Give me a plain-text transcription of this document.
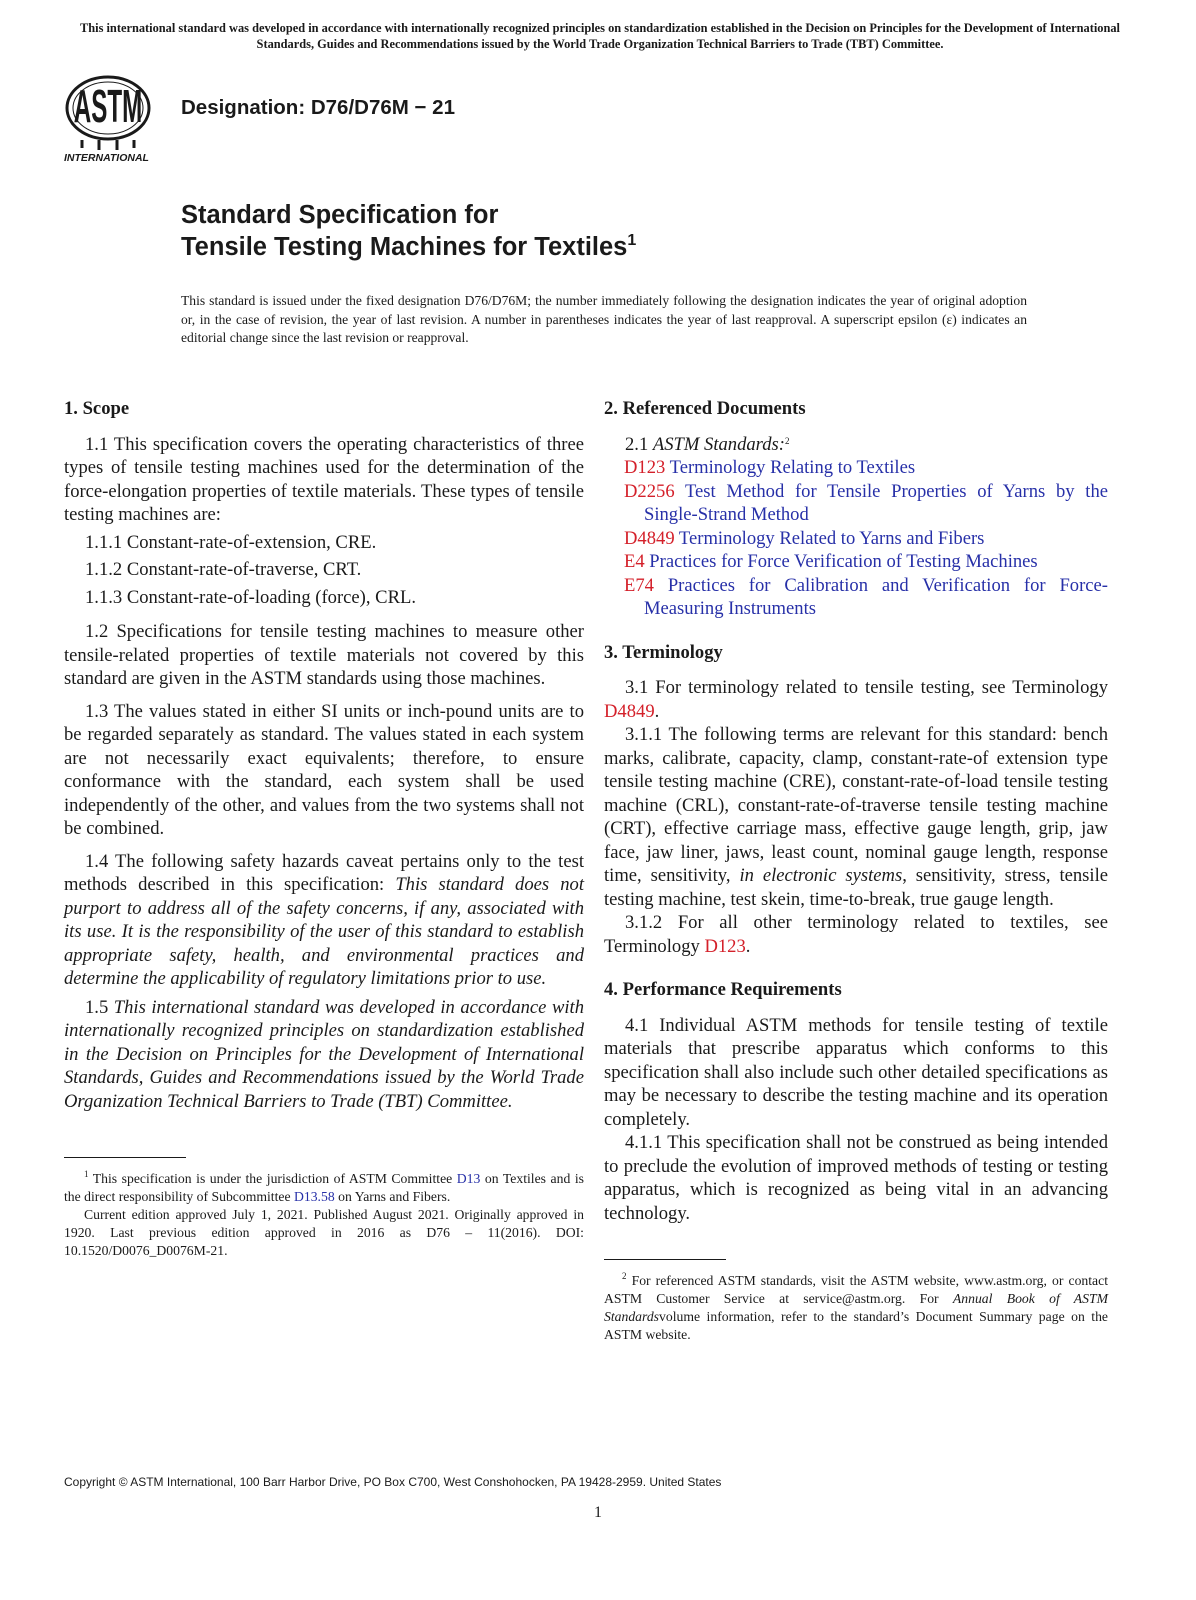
This international standard was developed in accordance with internationally recognized principles on standardization established in the Decision on Principles for the Development of International Standards, Guides and Recommendations issued by the World Trade Organization Technical Barriers to Trade (TBT) Committee.
ASTM
INTERNATIONAL
Designation: D76/D76M − 21
Standard Specification for
Tensile Testing Machines for Textiles$^1$
This standard is issued under the fixed designation D76/D76M; the number immediately following the designation indicates the year of original adoption or, in the case of revision, the year of last revision. A number in parentheses indicates the year of last reapproval. A superscript epsilon (ε) indicates an editorial change since the last revision or reapproval.
1. Scope

1.1 This specification covers the operating characteristics of three types of tensile testing machines used for the determination of the force-elongation properties of textile materials. These types of tensile testing machines are:

1.1.1 Constant-rate-of-extension, CRE.

1.1.2 Constant-rate-of-traverse, CRT.

1.1.3 Constant-rate-of-loading (force), CRL.

1.2 Specifications for tensile testing machines to measure other tensile-related properties of textile materials not covered by this standard are given in the ASTM standards using those machines.

1.3 The values stated in either SI units or inch-pound units are to be regarded separately as standard. The values stated in each system are not necessarily exact equivalents; therefore, to ensure conformance with the standard, each system shall be used independently of the other, and values from the two systems shall not be combined.

1.4 The following safety hazards caveat pertains only to the test methods described in this specification: This standard does not purport to address all of the safety concerns, if any, associated with its use. It is the responsibility of the user of this standard to establish appropriate safety, health, and environmental practices and determine the applicability of regulatory limitations prior to use.

1.5 This international standard was developed in accordance with internationally recognized principles on standardization established in the Decision on Principles for the Development of International Standards, Guides and Recommendations issued by the World Trade Organization Technical Barriers to Trade (TBT) Committee.

$^1$ This specification is under the jurisdiction of ASTM Committee D13 on Textiles and is the direct responsibility of Subcommittee D13.58 on Yarns and Fibers.

Current edition approved July 1, 2021. Published August 2021. Originally approved in 1920. Last previous edition approved in 2016 as D76 – 11(2016). DOI: 10.1520/D0076_D0076M-21.

2. Referenced Documents

2.1 ASTM Standards:$^2$

D123 Terminology Relating to Textiles

D2256 Test Method for Tensile Properties of Yarns by the Single-Strand Method

D4849 Terminology Related to Yarns and Fibers

E4 Practices for Force Verification of Testing Machines

E74 Practices for Calibration and Verification for Force-Measuring Instruments

3. Terminology

3.1 For terminology related to tensile testing, see Terminology D4849.

3.1.1 The following terms are relevant for this standard: bench marks, calibrate, capacity, clamp, constant-rate-of extension type tensile testing machine (CRE), constant-rate-of-load tensile testing machine (CRL), constant-rate-of-traverse tensile testing machine (CRT), effective carriage mass, effective gauge length, grip, jaw face, jaw liner, jaws, least count, nominal gauge length, response time, sensitivity, in electronic systems, sensitivity, stress, tensile testing machine, test skein, time-to-break, true gauge length.

3.1.2 For all other terminology related to textiles, see Terminology D123.

4. Performance Requirements

4.1 Individual ASTM methods for tensile testing of textile materials that prescribe apparatus which conforms to this specification shall also include such other detailed specifications as may be necessary to describe the testing machine and its operation completely.

4.1.1 This specification shall not be construed as being intended to preclude the evolution of improved methods of testing or testing apparatus, which is recognized as being vital in an advancing technology.

$^2$ For referenced ASTM standards, visit the ASTM website, www.astm.org, or contact ASTM Customer Service at service@astm.org. For Annual Book of ASTM Standardsvolume information, refer to the standard’s Document Summary page on the ASTM website.

Copyright © ASTM International, 100 Barr Harbor Drive, PO Box C700, West Conshohocken, PA 19428-2959. United States
1
